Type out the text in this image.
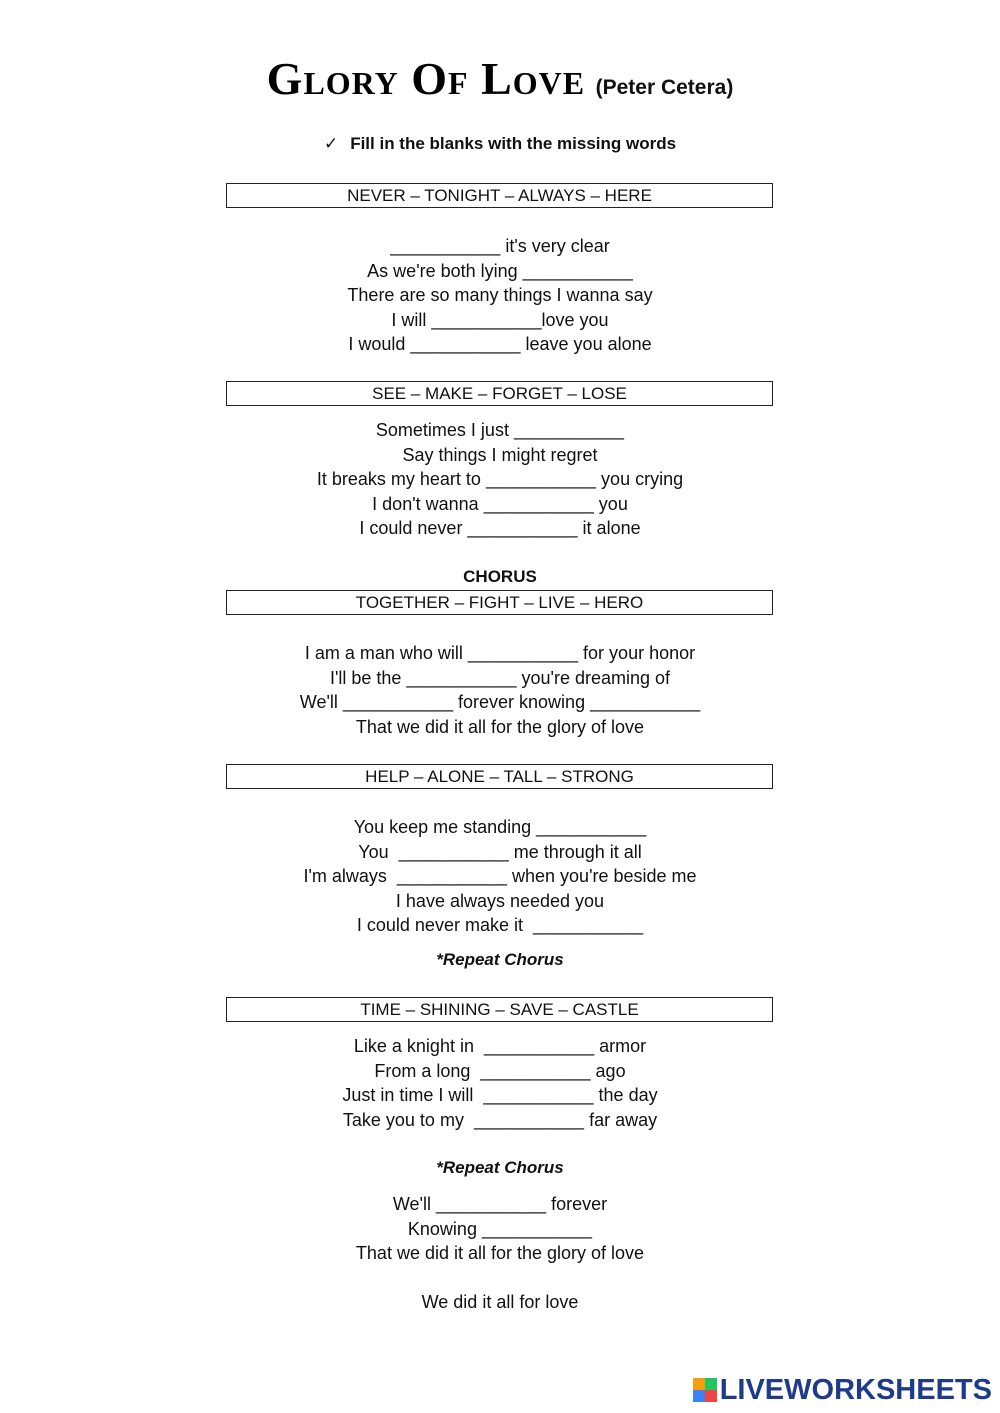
Glory Of Love (Peter Cetera)
✓ Fill in the blanks with the missing words
NEVER – TONIGHT – ALWAYS – HERE
___________ it's very clear
As we're both lying ___________
There are so many things I wanna say
I will ___________love you
I would ___________ leave you alone
SEE – MAKE – FORGET – LOSE
Sometimes I just ___________
Say things I might regret
It breaks my heart to ___________ you crying
I don't wanna ___________ you
I could never ___________ it alone
CHORUS
TOGETHER – FIGHT – LIVE – HERO
I am a man who will ___________ for your honor
I'll be the ___________ you're dreaming of
We'll ___________ forever knowing ___________
That we did it all for the glory of love
HELP – ALONE – TALL – STRONG
You keep me standing ___________
You  ___________ me through it all
I'm always  ___________ when you're beside me
I have always needed you
I could never make it  ___________
*Repeat Chorus
TIME – SHINING – SAVE – CASTLE
Like a knight in  ___________ armor
From a long  ___________ ago
Just in time I will  ___________ the day
Take you to my  ___________ far away
*Repeat Chorus
We'll ___________ forever
Knowing ___________
That we did it all for the glory of love
We did it all for love
LIVEWORKSHEETS
